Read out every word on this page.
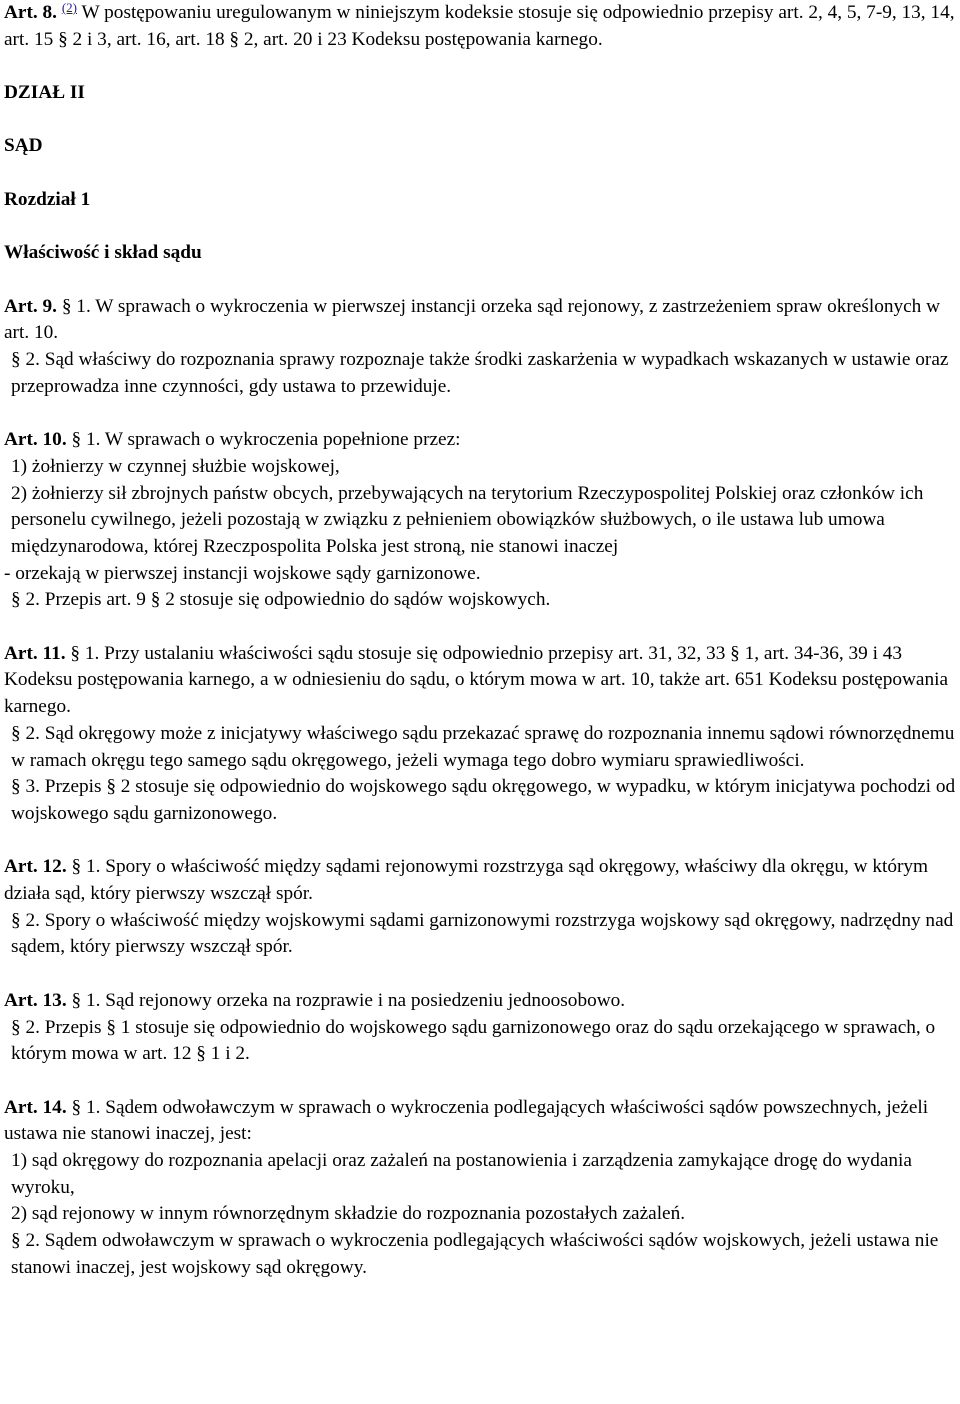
Art. 8. $^{(2)}$ W postępowaniu uregulowanym w niniejszym kodeksie stosuje się odpowiednio przepisy art. 2, 4, 5, 7-9, 13, 14, art. 15 § 2 i 3, art. 16, art. 18 § 2, art. 20 i 23 Kodeksu postępowania karnego.

DZIAŁ II

SĄD

Rozdział 1

Właściwość i skład sądu

Art. 9. § 1. W sprawach o wykroczenia w pierwszej instancji orzeka sąd rejonowy, z zastrzeżeniem spraw określonych w art. 10.

§ 2. Sąd właściwy do rozpoznania sprawy rozpoznaje także środki zaskarżenia w wypadkach wskazanych w ustawie oraz przeprowadza inne czynności, gdy ustawa to przewiduje.

Art. 10. § 1. W sprawach o wykroczenia popełnione przez:

1) żołnierzy w czynnej służbie wojskowej,

2) żołnierzy sił zbrojnych państw obcych, przebywających na terytorium Rzeczypospolitej Polskiej oraz członków ich personelu cywilnego, jeżeli pozostają w związku z pełnieniem obowiązków służbowych, o ile ustawa lub umowa międzynarodowa, której Rzeczpospolita Polska jest stroną, nie stanowi inaczej

- orzekają w pierwszej instancji wojskowe sądy garnizonowe.

§ 2. Przepis art. 9 § 2 stosuje się odpowiednio do sądów wojskowych.

Art. 11. § 1. Przy ustalaniu właściwości sądu stosuje się odpowiednio przepisy art. 31, 32, 33 § 1, art. 34-36, 39 i 43 Kodeksu postępowania karnego, a w odniesieniu do sądu, o którym mowa w art. 10, także art. 651 Kodeksu postępowania karnego.

§ 2. Sąd okręgowy może z inicjatywy właściwego sądu przekazać sprawę do rozpoznania innemu sądowi równorzędnemu w ramach okręgu tego samego sądu okręgowego, jeżeli wymaga tego dobro wymiaru sprawiedliwości.

§ 3. Przepis § 2 stosuje się odpowiednio do wojskowego sądu okręgowego, w wypadku, w którym inicjatywa pochodzi od wojskowego sądu garnizonowego.

Art. 12. § 1. Spory o właściwość między sądami rejonowymi rozstrzyga sąd okręgowy, właściwy dla okręgu, w którym działa sąd, który pierwszy wszczął spór.

§ 2. Spory o właściwość między wojskowymi sądami garnizonowymi rozstrzyga wojskowy sąd okręgowy, nadrzędny nad sądem, który pierwszy wszczął spór.

Art. 13. § 1. Sąd rejonowy orzeka na rozprawie i na posiedzeniu jednoosobowo.

§ 2. Przepis § 1 stosuje się odpowiednio do wojskowego sądu garnizonowego oraz do sądu orzekającego w sprawach, o którym mowa w art. 12 § 1 i 2.

Art. 14. § 1. Sądem odwoławczym w sprawach o wykroczenia podlegających właściwości sądów powszechnych, jeżeli ustawa nie stanowi inaczej, jest:

1) sąd okręgowy do rozpoznania apelacji oraz zażaleń na postanowienia i zarządzenia zamykające drogę do wydania wyroku,

2) sąd rejonowy w innym równorzędnym składzie do rozpoznania pozostałych zażaleń.

§ 2. Sądem odwoławczym w sprawach o wykroczenia podlegających właściwości sądów wojskowych, jeżeli ustawa nie stanowi inaczej, jest wojskowy sąd okręgowy.
